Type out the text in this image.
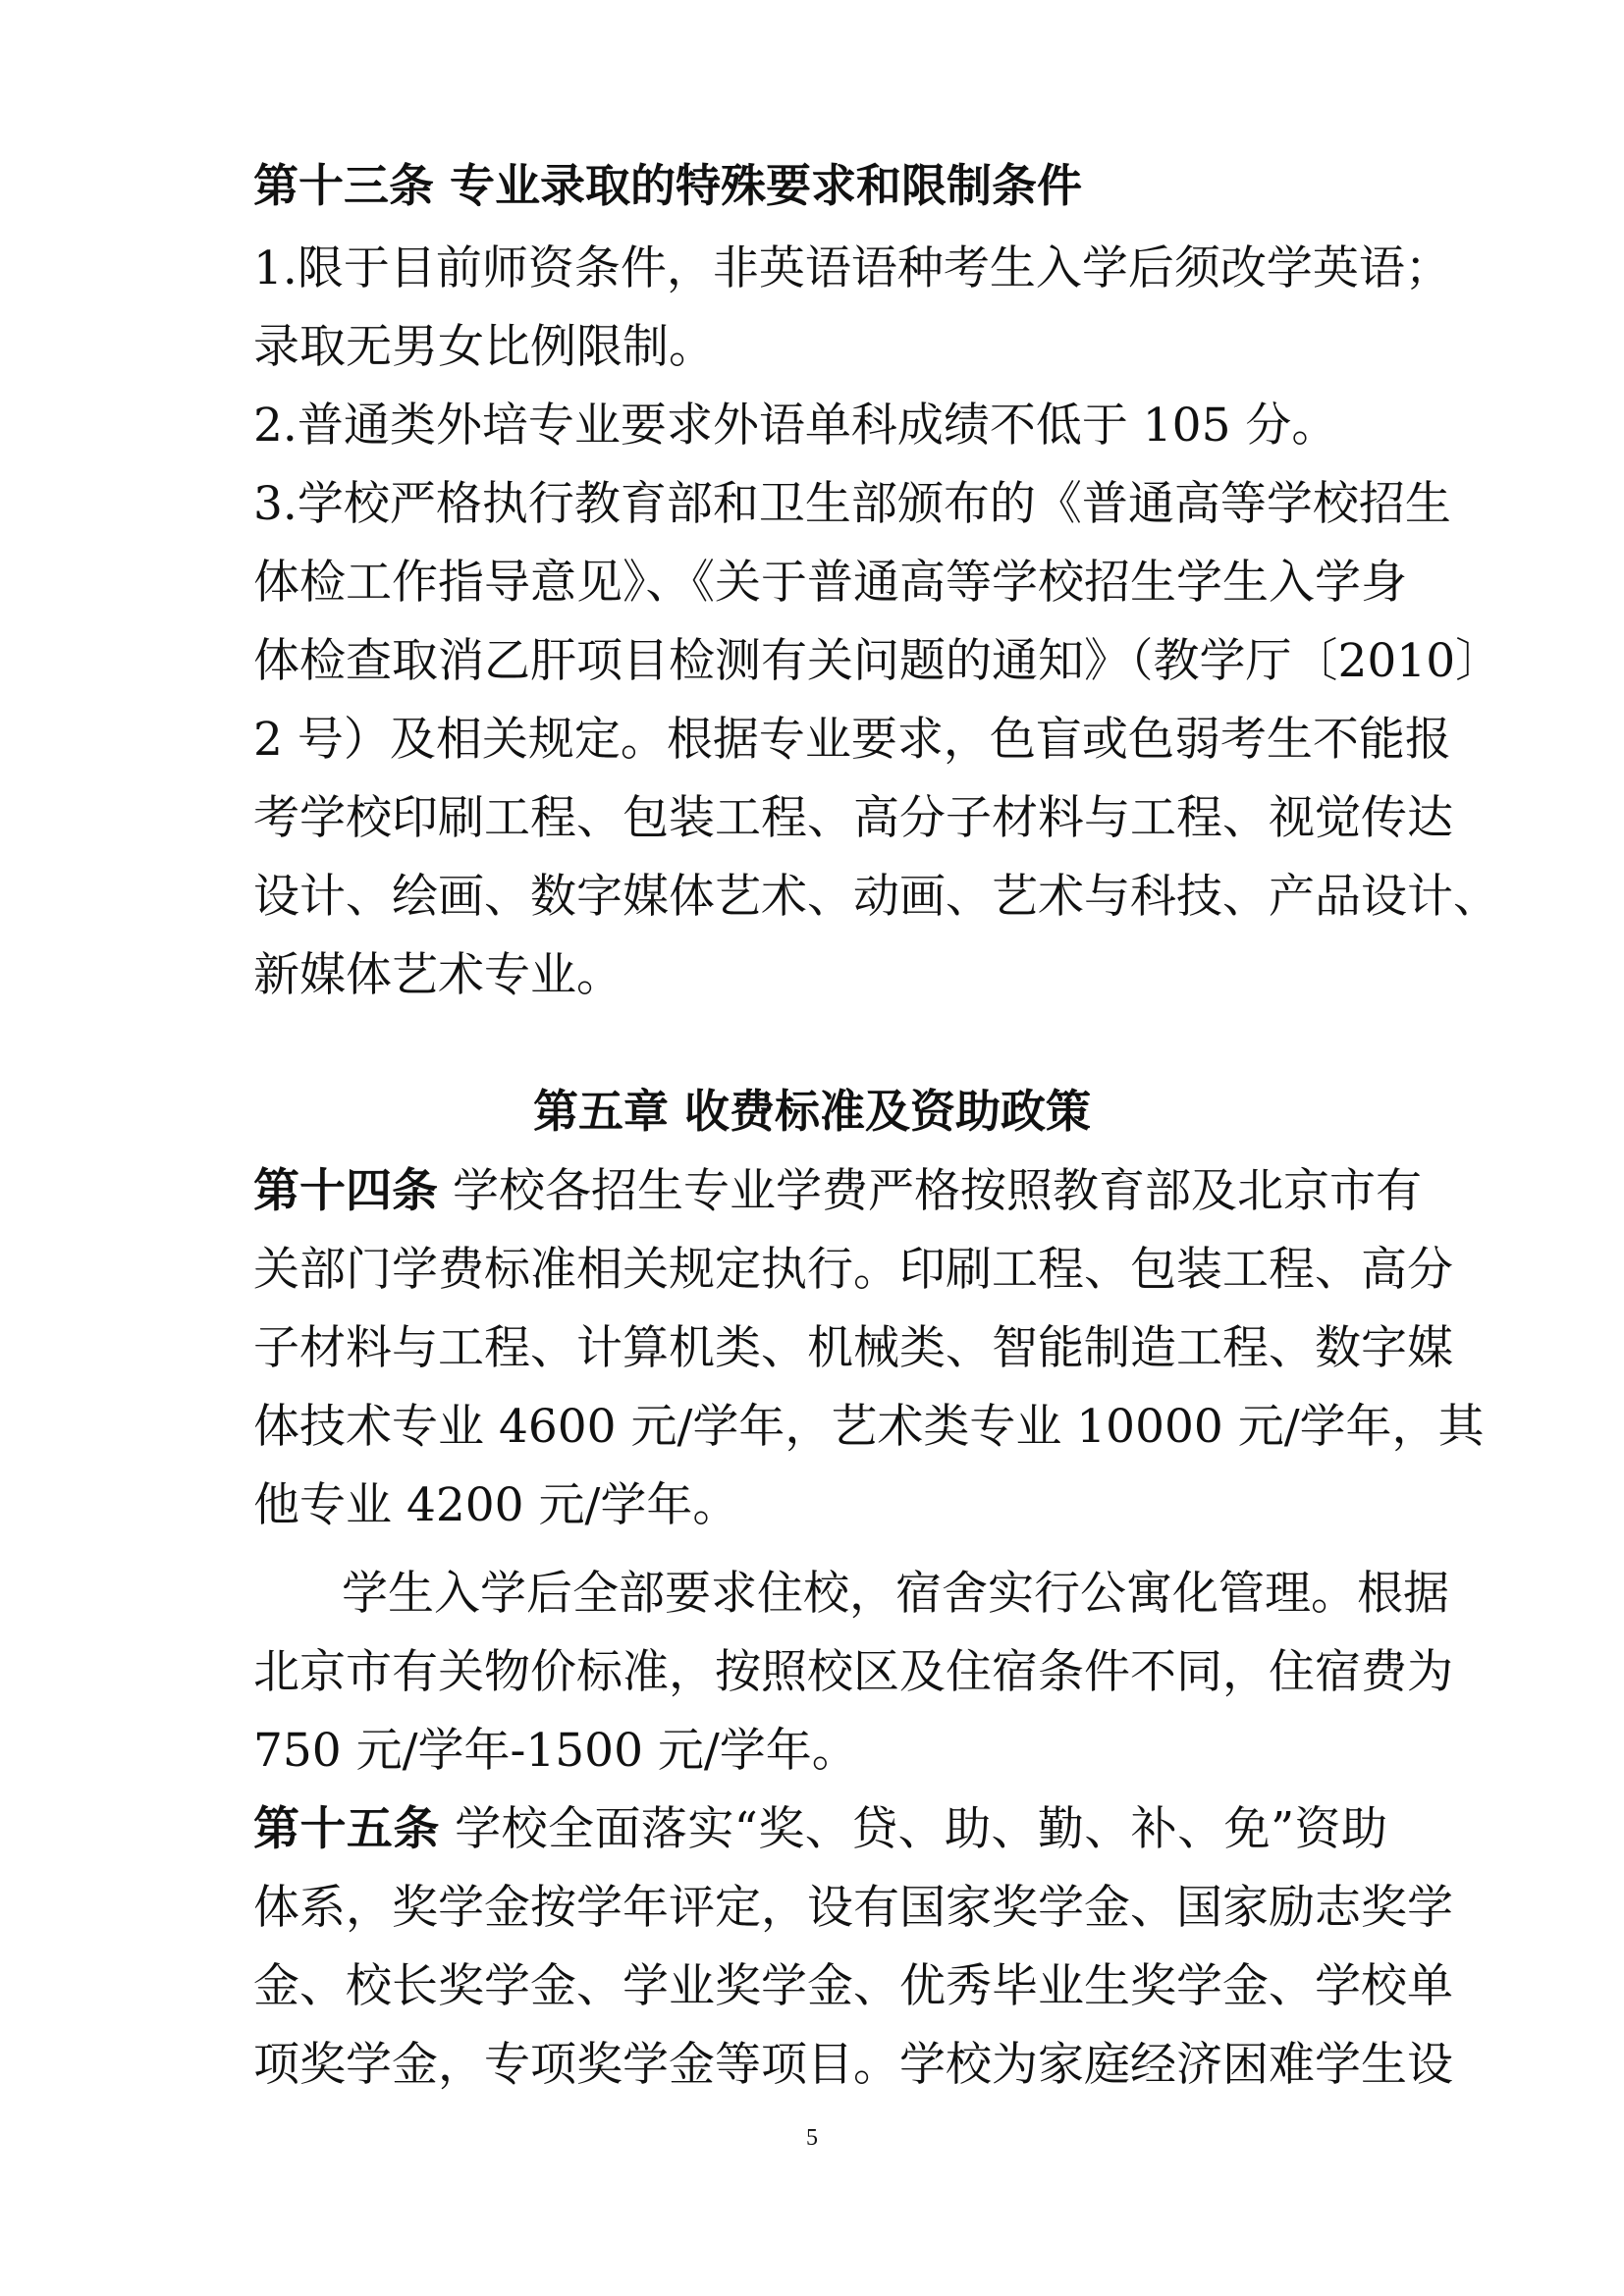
第十三条 专业录取的特殊要求和限制条件
1.限于目前师资条件，非英语语种考生入学后须改学英语；
录取无男女比例限制。
2.普通类外培专业要求外语单科成绩不低于 105 分。
3.学校严格执行教育部和卫生部颁布的《普通高等学校招生
体检工作指导意见》、《关于普通高等学校招生学生入学身
体检查取消乙肝项目检测有关问题的通知》（教学厅〔2010〕
2 号）及相关规定。根据专业要求，色盲或色弱考生不能报
考学校印刷工程、包装工程、高分子材料与工程、视觉传达
设计、绘画、数字媒体艺术、动画、艺术与科技、产品设计、
新媒体艺术专业。
第五章 收费标准及资助政策
第十四条 学校各招生专业学费严格按照教育部及北京市有
关部门学费标准相关规定执行。印刷工程、包装工程、高分
子材料与工程、计算机类、机械类、智能制造工程、数字媒
体技术专业 4600 元/学年，艺术类专业 10000 元/学年，其
他专业 4200 元/学年。
学生入学后全部要求住校，宿舍实行公寓化管理。根据
北京市有关物价标准，按照校区及住宿条件不同，住宿费为
750 元/学年-1500 元/学年。
第十五条 学校全面落实“奖、贷、助、勤、补、免”资助
体系，奖学金按学年评定，设有国家奖学金、国家励志奖学
金、校长奖学金、学业奖学金、优秀毕业生奖学金、学校单
项奖学金，专项奖学金等项目。学校为家庭经济困难学生设
5
